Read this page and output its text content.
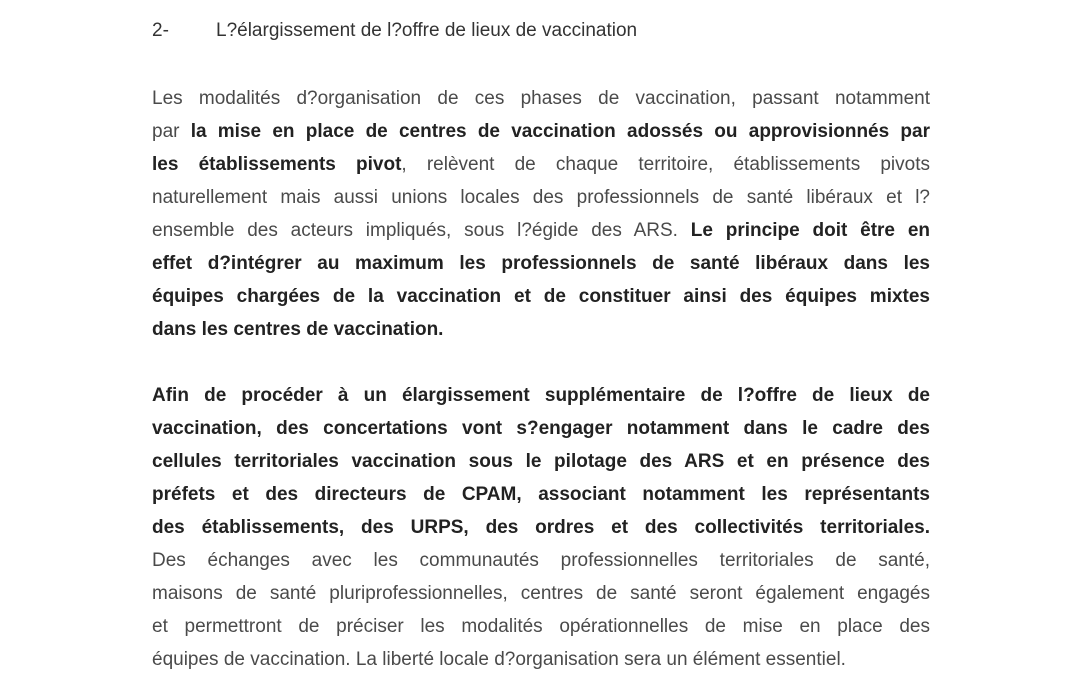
2- L?élargissement de l?offre de lieux de vaccination
Les modalités d?organisation de ces phases de vaccination, passant notamment
par la mise en place de centres de vaccination adossés ou approvisionnés par
les établissements pivot, relèvent de chaque territoire, établissements pivots
naturellement mais aussi unions locales des professionnels de santé libéraux et l?
ensemble des acteurs impliqués, sous l?égide des ARS. Le principe doit être en
effet d?intégrer au maximum les professionnels de santé libéraux dans les
équipes chargées de la vaccination et de constituer ainsi des équipes mixtes
dans les centres de vaccination.
Afin de procéder à un élargissement supplémentaire de l?offre de lieux de
vaccination, des concertations vont s?engager notamment dans le cadre des
cellules territoriales vaccination sous le pilotage des ARS et en présence des
préfets et des directeurs de CPAM, associant notamment les représentants
des établissements, des URPS, des ordres et des collectivités territoriales.
Des échanges avec les communautés professionnelles territoriales de santé,
maisons de santé pluriprofessionnelles, centres de santé seront également engagés
et permettront de préciser les modalités opérationnelles de mise en place des
équipes de vaccination. La liberté locale d?organisation sera un élément essentiel.
